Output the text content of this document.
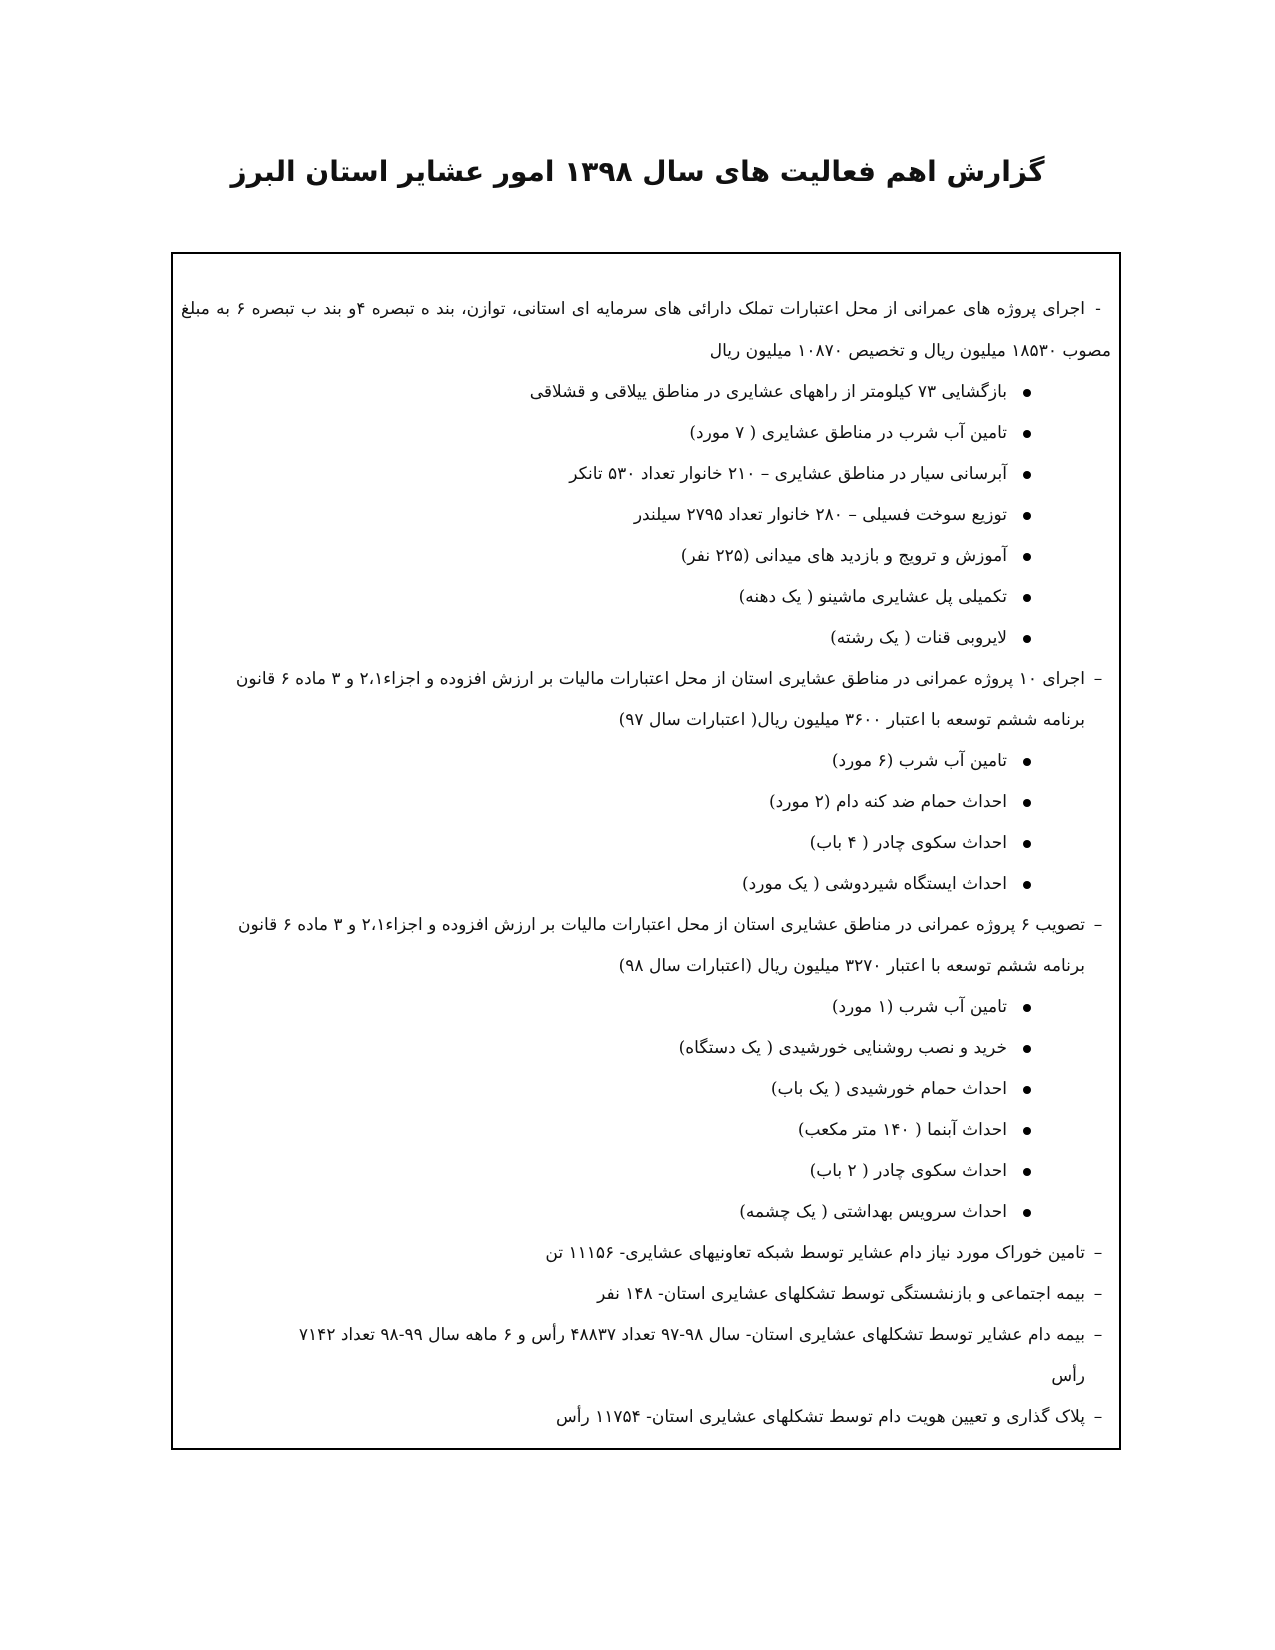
گزارش اهم فعالیت های سال ۱۳۹۸ امور عشایر استان البرز

-اجرای پروژه های عمرانی از محل اعتبارات تملک دارائی های سرمایه ای استانی، توازن، بند ه تبصره ۴و بند ب تبصره ۶ به مبلغ مصوب ۱۸۵۳۰ میلیون ریال و تخصیص ۱۰۸۷۰ میلیون ریال

بازگشایی ۷۳ کیلومتر از راههای عشایری در مناطق ییلاقی و قشلاقی
تامین آب شرب در مناطق عشایری ( ۷ مورد)
آبرسانی سیار در مناطق عشایری – ۲۱۰ خانوار تعداد ۵۳۰ تانکر
توزیع سوخت فسیلی – ۲۸۰ خانوار تعداد ۲۷۹۵ سیلندر
آموزش و ترویج و بازدید های میدانی (۲۲۵ نفر)
تکمیلی پل عشایری ماشینو ( یک دهنه)
لایروبی قنات ( یک رشته)

–اجرای ۱۰ پروژه عمرانی در مناطق عشایری استان از محل اعتبارات مالیات بر ارزش افزوده و اجزاء۲،۱ و ۳ ماده ۶ قانون
برنامه ششم توسعه با اعتبار ۳۶۰۰ میلیون ریال( اعتبارات سال ۹۷)

تامین آب شرب (۶ مورد)
احداث حمام ضد کنه دام (۲ مورد)
احداث سکوی چادر ( ۴ باب)
احداث ایستگاه شیردوشی ( یک مورد)

–تصویب ۶ پروژه عمرانی در مناطق عشایری استان از محل اعتبارات مالیات بر ارزش افزوده و اجزاء۲،۱ و ۳ ماده ۶ قانون
برنامه ششم توسعه با اعتبار ۳۲۷۰ میلیون ریال (اعتبارات سال ۹۸)

تامین آب شرب (۱ مورد)
خرید و نصب روشنایی خورشیدی ( یک دستگاه)
احداث حمام خورشیدی ( یک باب)
احداث آبنما ( ۱۴۰ متر مکعب)
احداث سکوی چادر ( ۲ باب)
احداث سرویس بهداشتی ( یک چشمه)

–تامین خوراک مورد نیاز دام عشایر توسط شبکه تعاونیهای عشایری- ۱۱۱۵۶ تن

–بیمه اجتماعی و بازنشستگی توسط تشکلهای عشایری استان- ۱۴۸ نفر

–بیمه دام عشایر توسط تشکلهای عشایری استان- سال ۹۸-۹۷ تعداد ۴۸۸۳۷ رأس و ۶ ماهه سال ۹۹-۹۸ تعداد ۷۱۴۲
رأس

–پلاک گذاری و تعیین هویت دام توسط تشکلهای عشایری استان- ۱۱۷۵۴ رأس
